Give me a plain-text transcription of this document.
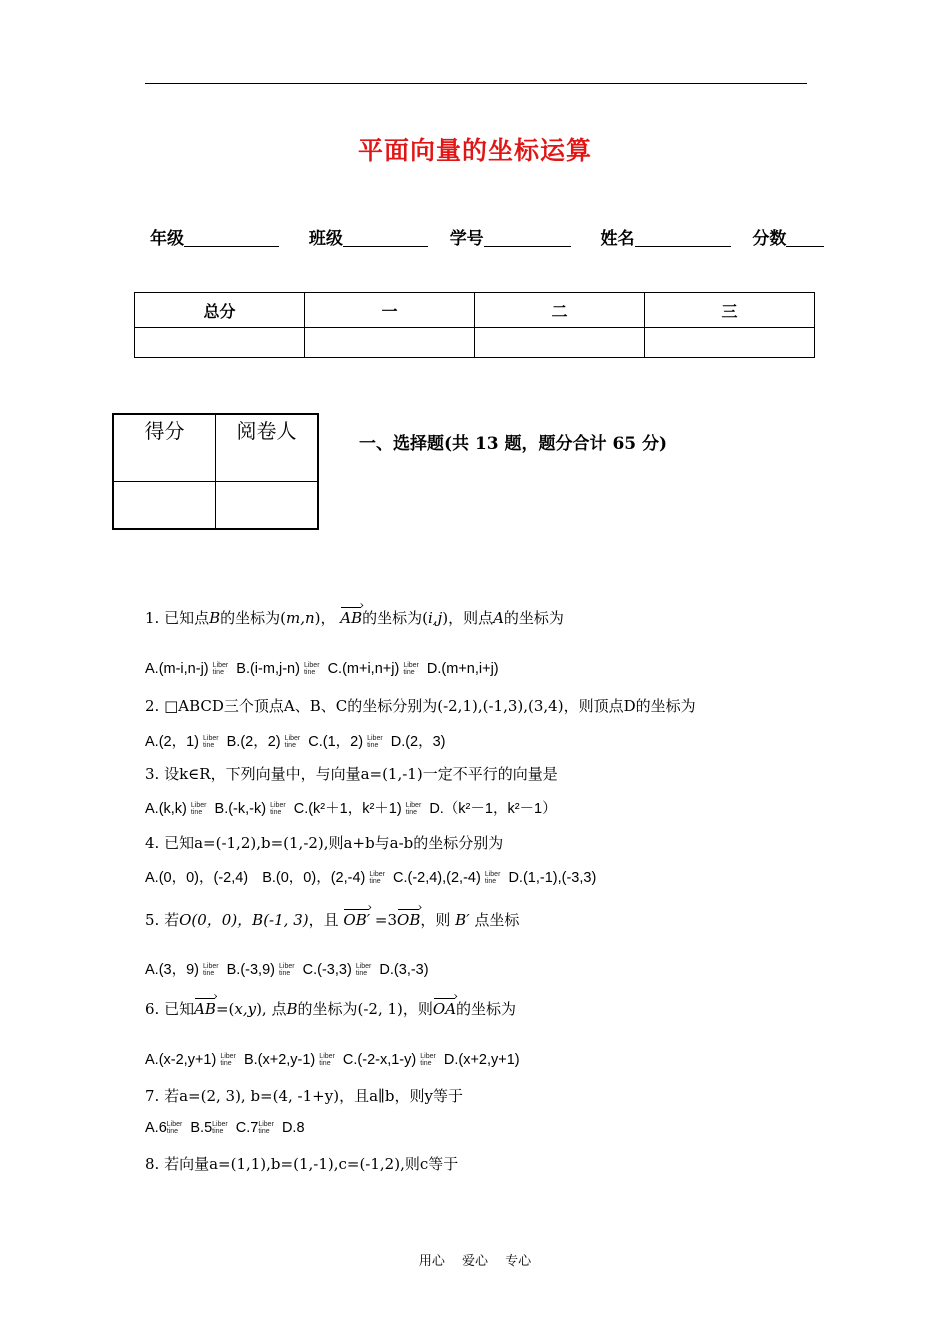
平面向量的坐标运算
年级	班级	学号	姓名	分数
总分	一	二	三

得分	阅卷人

一、选择题(共 13 题，题分合计 65 分)
1. 已知点B的坐标为(m,n)， AB ›的坐标为(i,j)，则点A的坐标为
A.(m-i,n-j) Liber
tine B.(i-m,j-n) Liber
tine C.(m+i,n+j) Liber
tine D.(m+n,i+j)
2. □ABCD三个顶点A、B、C的坐标分别为(-2,1),(-1,3),(3,4)，则顶点D的坐标为
A.(2，1) Liber
tine B.(2，2) Liber
tine C.(1，2) Liber
tine D.(2，3)
3. 设k∈R，下列向量中，与向量a=(1,-1)一定不平行的向量是
A.(k,k) Liber
tine B.(-k,-k) Liber
tine C.(k²＋1，k²＋1) Liber
tine D.（k²－1，k²－1）
4. 已知a=(-1,2),b=(1,-2),则a+b与a-b的坐标分别为
A.(0，0)，(-2,4) B.(0，0)，(2,-4) Liber
tine C.(-2,4),(2,-4) Liber
tine D.(1,-1),(-3,3)
5. 若O(0，0)，B(-1, 3)，且 OB′ › =3OB ›，则 B′ 点坐标
A.(3，9) Liber
tine B.(-3,9) Liber
tine C.(-3,3) Liber
tine D.(3,-3)
6. 已知AB ›=(x,y), 点B的坐标为(-2, 1)，则OA ›的坐标为
A.(x-2,y+1) Liber
tine B.(x+2,y-1) Liber
tine C.(-2-x,1-y) Liber
tine D.(x+2,y+1)
7. 若a=(2, 3), b=(4, -1+y)，且a∥b，则y等于
A.6 Liber
tine B.5 Liber
tine C.7 Liber
tine D.8
8. 若向量a=(1,1),b=(1,-1),c=(-1,2),则c等于
用心　 爱心　 专心
